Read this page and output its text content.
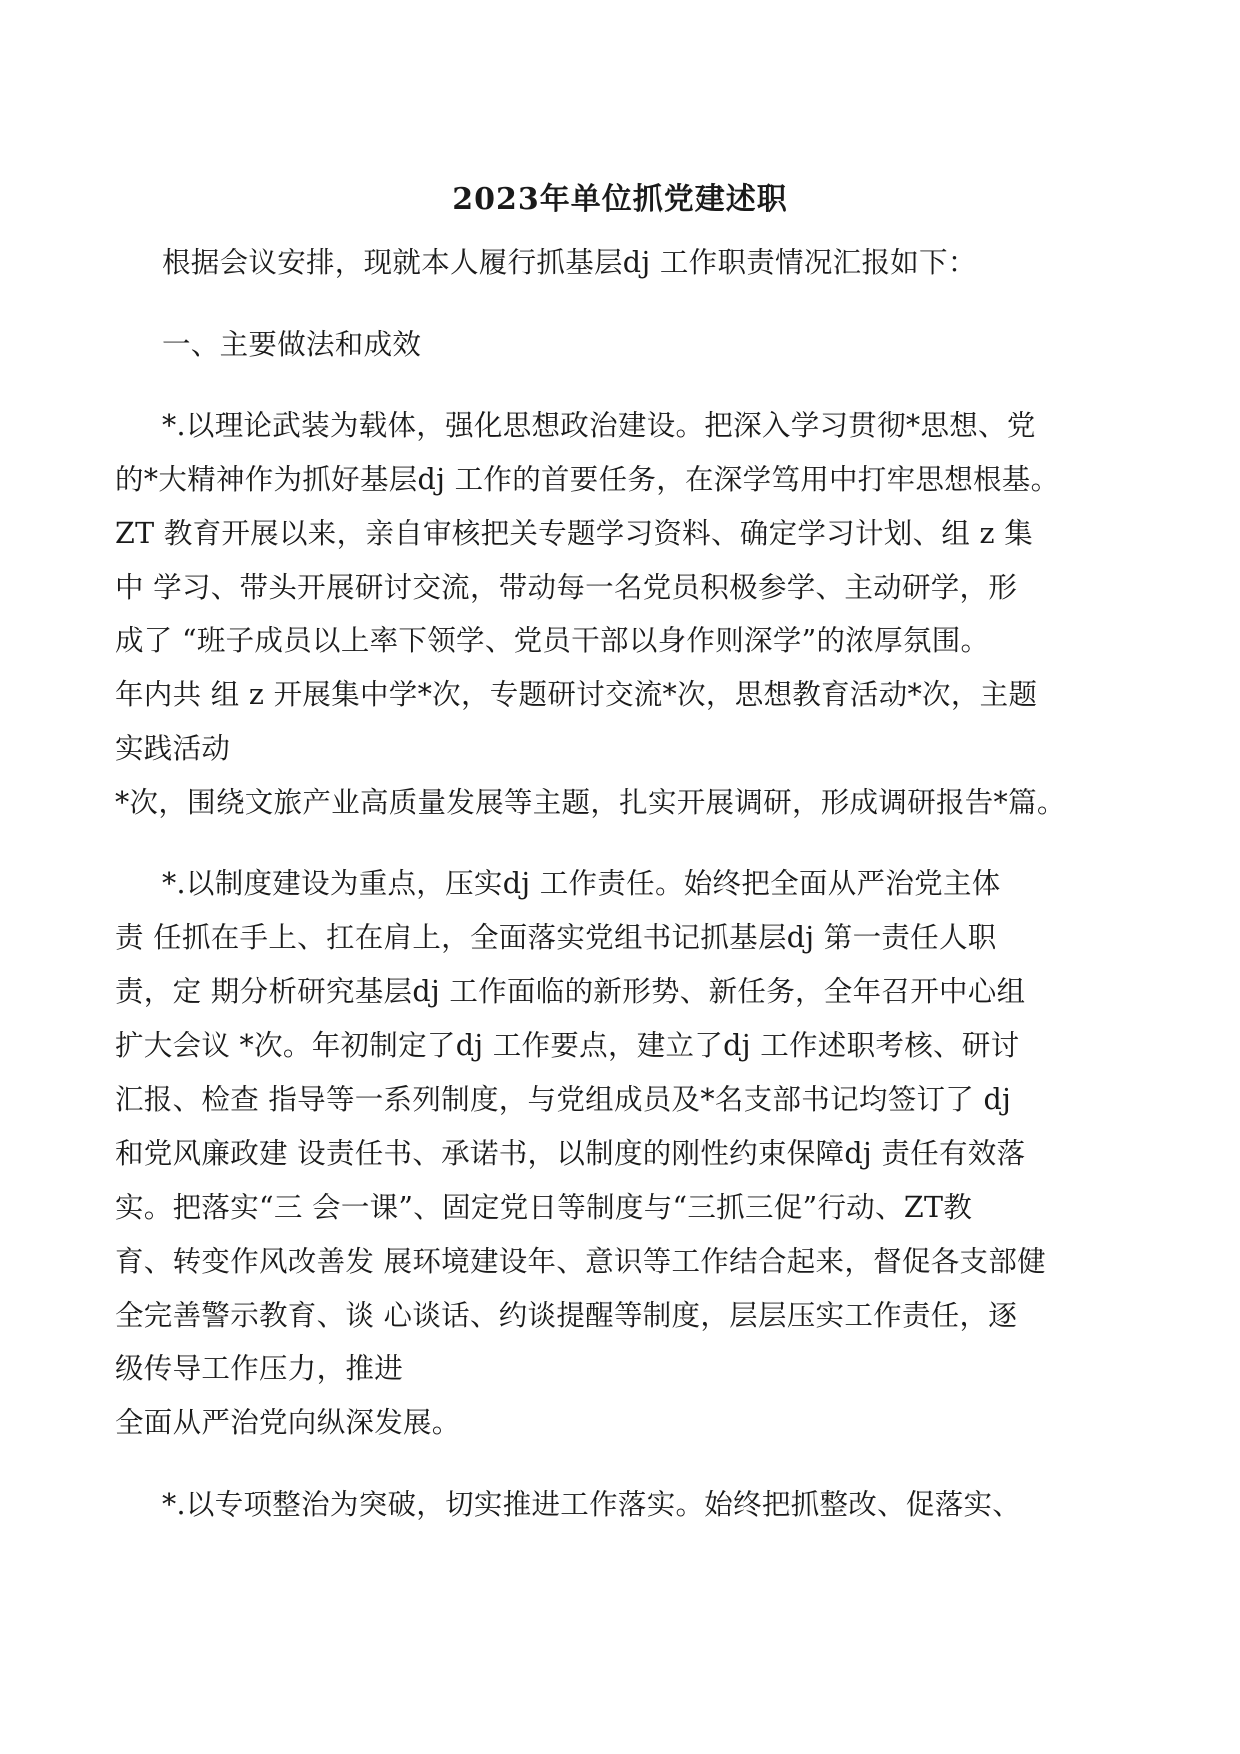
2023年单位抓党建述职
根据会议安排，现就本人履行抓基层dj 工作职责情况汇报如下：
一、主要做法和成效
*.以理论武装为载体，强化思想政治建设。把深入学习贯彻*思想、党
的*大精神作为抓好基层dj 工作的首要任务，在深学笃用中打牢思想根基。
ZT 教育开展以来，亲自审核把关专题学习资料、确定学习计划、组 z 集
中 学习、带头开展研讨交流，带动每一名党员积极参学、主动研学，形
成了 “班子成员以上率下领学、党员干部以身作则深学”的浓厚氛围。
年内共 组 z 开展集中学*次，专题研讨交流*次，思想教育活动*次，主题
实践活动
*次，围绕文旅产业高质量发展等主题，扎实开展调研，形成调研报告*篇。
*.以制度建设为重点，压实dj 工作责任。始终把全面从严治党主体
责 任抓在手上、扛在肩上，全面落实党组书记抓基层dj 第一责任人职
责，定 期分析研究基层dj 工作面临的新形势、新任务，全年召开中心组
扩大会议 *次。年初制定了dj 工作要点，建立了dj 工作述职考核、研讨
汇报、检查 指导等一系列制度，与党组成员及*名支部书记均签订了 dj
和党风廉政建 设责任书、承诺书，以制度的刚性约束保障dj 责任有效落
实。把落实“三 会一课”、固定党日等制度与“三抓三促”行动、ZT教
育、转变作风改善发 展环境建设年、意识等工作结合起来，督促各支部健
全完善警示教育、谈 心谈话、约谈提醒等制度，层层压实工作责任，逐
级传导工作压力，推进
全面从严治党向纵深发展。
*.以专项整治为突破，切实推进工作落实。始终把抓整改、促落实、
